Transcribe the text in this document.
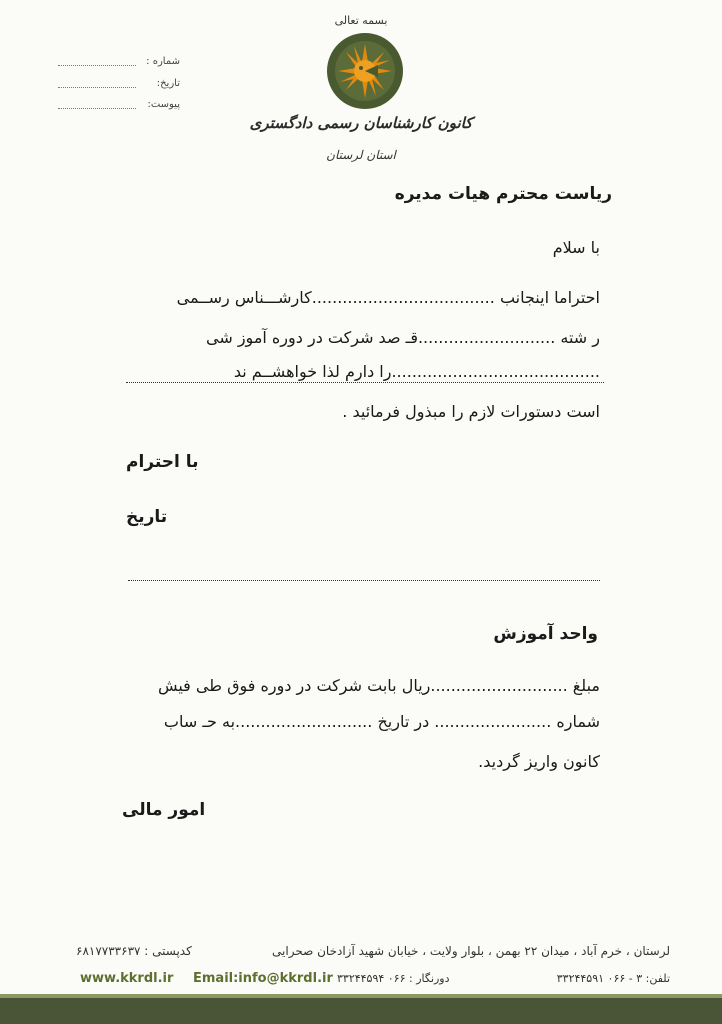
شماره :
تاریخ:
پیوست:
بسمه تعالی
کانون کارشناسان رسمی دادگستری
استان لرستان
ریاست محترم هیات مدیره
با سلام
احتراما اینجانب ....................................کارشـــناس رســمی
ر شته ...........................قـ صد شرکت در دوره آموز شی
.........................................را دارم لذا خواهشــم ند
است دستورات لازم را مبذول فرمائید .
با احترام
تاریخ
واحد آموزش
مبلغ ...........................ریال بابت شرکت در دوره فوق طی فیش
شماره ....................... در تاریخ ...........................به حـ ساب
کانون واریز گردید.
امور مالی
لرستان ، خرم آباد ، میدان ۲۲ بهمن ، بلوار ولایت ، خیابان شهید آزادخان صحرایی
کدپستی : ۶۸۱۷۷۳۳۶۳۷
www.kkrdl.ir Email:info@kkrdl.ir دورنگار : ۰۶۶ ۳۳۲۴۴۵۹۴	تلفن: ۳ - ۰۶۶ ۳۳۲۴۴۵۹۱
